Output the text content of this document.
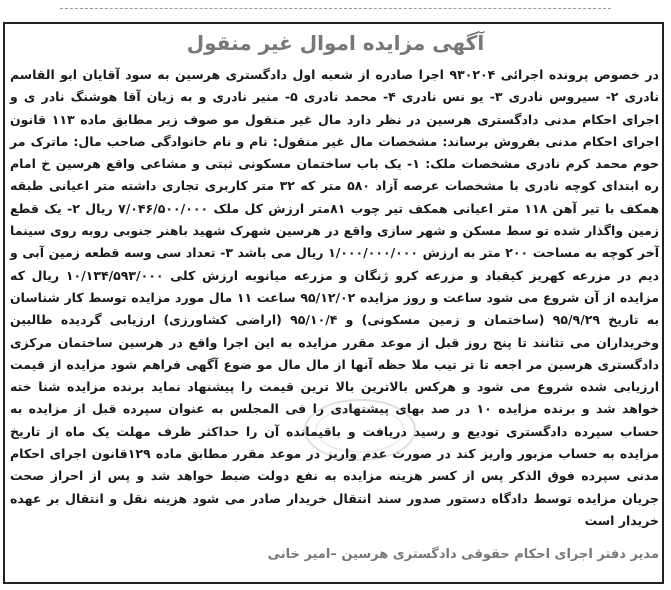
آگهی مزایده اموال غیر منقول

در خصوص پرونده اجرائی ۹۳۰۲۰۴ اجرا صادره از شعبه اول دادگستری هرسین به سود آقایان ابو القاسم نادری ۲- سیروس نادری ۳- یو نس نادری ۴- محمد نادری ۵- منیر نادری و به زیان آقا هوشنگ نادر ی و اجرای احکام مدنی دادگستری هرسین در نظر دارد مال غیر منقول مو صوف زیر مطابق ماده ۱۱۳ قانون اجرای احکام مدنی بفروش برساند: مشخصات مال غیر منقول: نام و نام خانوادگی صاحب مال: ماترک مر حوم محمد کرم نادری مشخصات ملک: ۱- یک باب ساختمان مسکونی ثبتی و مشاعی واقع هرسین خ امام ره ابتدای کوچه نادری با مشخصات عرصه آزاد ۵۸۰ متر که ۳۲ متر کاربری تجاری داشته متر اعیانی طبقه همکف با تیر آهن ۱۱۸ متر اعیانی همکف تیر چوب ۸۱متر ارزش کل ملک ۷/۰۴۶/۵۰۰/۰۰۰ ریال ۲- یک قطع زمین واگذار شده تو سط مسکن و شهر سازی واقع در هرسین شهرک شهید باهنر جنوبی روبه روی سینما آخر کوچه به مساحت ۲۰۰ متر به ارزش ۱/۰۰۰/۰۰۰/۰۰۰ ریال می باشد ۳- تعداد سی وسه قطعه زمین آبی و دیم در مزرعه کهریز کیقباد و مزرعه کرو ژنگان و مزرعه میانوبه ارزش کلی ۱۰/۱۳۴/۵۹۳/۰۰۰ ریال که مزایده از آن شروع می شود ساعت و روز مزایده ۹۵/۱۲/۰۲ ساعت ۱۱ مال مورد مزایده توسط کار شناسان به تاریخ ۹۵/۹/۲۹ (ساختمان و زمین مسکونی) و ۹۵/۱۰/۴ (اراضی کشاورزی) ارزیابی گردیده طالبین وخریداران می تثانند تا پنج روز قبل از موعد مقرر مزایده به این اجرا واقع در هرسین ساختمان مرکزی دادگستری هرسین مر اجعه تا تر تیب ملا حظه آنها از مال مال مو ضوع آگهی فراهم شود مزایده از قیمت ارزیابی شده شروع می شود و هرکس بالاترین بالا ترین قیمت را پیشنهاد نماید برنده مزایده شنا خته خواهد شد و برنده مزایده ۱۰ در صد بهای پیشنهادی را فی المجلس به عنوان سپرده قبل از مزایده به حساب سپرده دادگستری تودیع و رسید دریافت و باقیمانده آن را حداکثر ظرف مهلت یک ماه از تاریخ مزایده به حساب مزبور واریز کند در صورت عدم واریز در موعد مقرر مطابق ماده ۱۲۹قانون اجرای احکام مدنی سپرده فوق الذکر پس از کسر هزینه مزایده به نفع دولت ضبط خواهد شد و پس از احراز صحت جریان مزایده توسط دادگاه دستور صدور سند انتقال خریدار صادر می شود هزینه نقل و انتقال بر عهده خریدار است

مدیر دفتر اجرای احکام حقوقی دادگستری هرسین –امیر خانی
